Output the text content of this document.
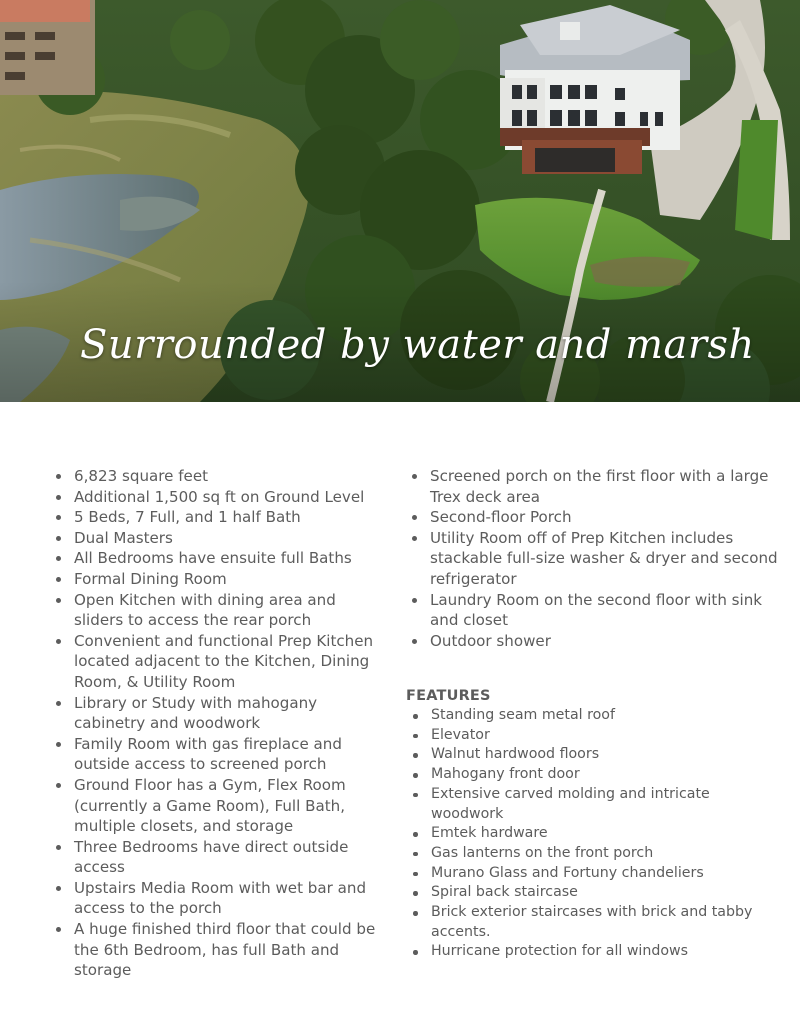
Surrounded by water and marsh
6,823 square feet
Additional 1,500 sq ft on Ground Level
5 Beds, 7 Full, and 1 half Bath
Dual Masters
All Bedrooms have ensuite full Baths
Formal Dining Room
Open Kitchen with dining area and sliders to access the rear porch
Convenient and functional Prep Kitchen located adjacent to the Kitchen, Dining Room, & Utility Room
Library or Study with mahogany cabinetry and woodwork
Family Room with gas fireplace and outside access to screened porch
Ground Floor has a Gym, Flex Room (currently a Game Room), Full Bath, multiple closets, and storage
Three Bedrooms have direct outside access
Upstairs Media Room with wet bar and access to the porch
A huge finished third floor that could be the 6th Bedroom, has full Bath and storage
Screened porch on the first floor with a large Trex deck area
Second-floor Porch
Utility Room off of Prep Kitchen includes stackable full-size washer & dryer and second refrigerator
Laundry Room on the second floor with sink and closet
Outdoor shower
FEATURES
Standing seam metal roof
Elevator
Walnut hardwood floors
Mahogany front door
Extensive carved molding and intricate woodwork
Emtek hardware
Gas lanterns on the front porch
Murano Glass and Fortuny chandeliers
Spiral back staircase
Brick exterior staircases with brick and tabby accents.
Hurricane protection for all windows
